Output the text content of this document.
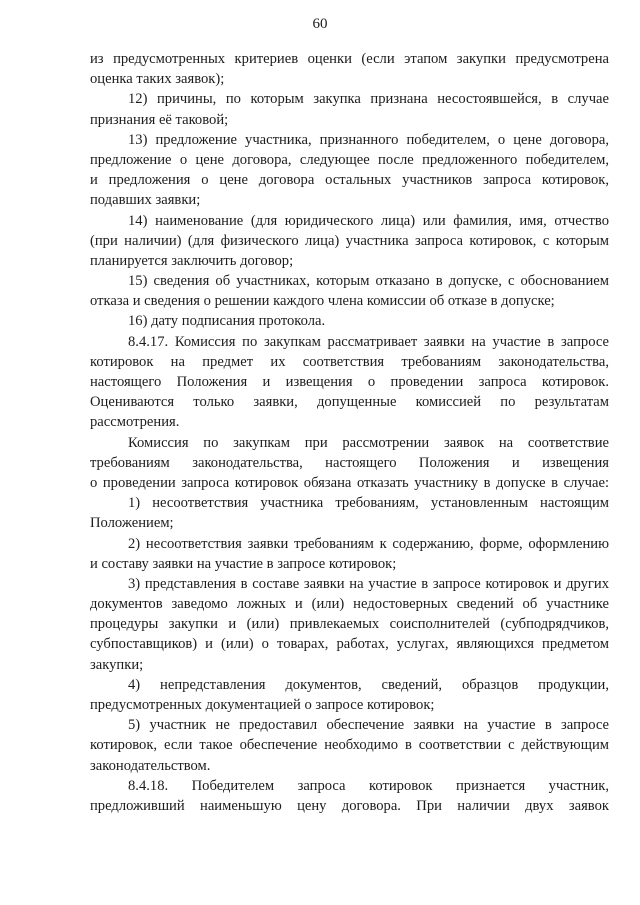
60
из предусмотренных критериев оценки (если этапом закупки предусмотрена
оценка таких заявок);
12) причины, по которым закупка признана несостоявшейся, в случае
признания её таковой;
13) предложение участника, признанного победителем, о цене договора,
предложение о цене договора, следующее после предложенного победителем,
и предложения о цене договора остальных участников запроса котировок,
подавших заявки;
14) наименование (для юридического лица) или фамилия, имя, отчество
(при наличии) (для физического лица) участника запроса котировок, с которым
планируется заключить договор;
15) сведения об участниках, которым отказано в допуске, с обоснованием
отказа и сведения о решении каждого члена комиссии об отказе в допуске;
16) дату подписания протокола.
8.4.17. Комиссия по закупкам рассматривает заявки на участие в запросе
котировок на предмет их соответствия требованиям законодательства,
настоящего Положения и извещения о проведении запроса котировок.
Оцениваются только заявки, допущенные комиссией по результатам
рассмотрения.
Комиссия по закупкам при рассмотрении заявок на соответствие
требованиям законодательства, настоящего Положения и извещения
о проведении запроса котировок обязана отказать участнику в допуске в случае:
1) несоответствия участника требованиям, установленным настоящим
Положением;
2) несоответствия заявки требованиям к содержанию, форме, оформлению
и составу заявки на участие в запросе котировок;
3) представления в составе заявки на участие в запросе котировок и других
документов заведомо ложных и (или) недостоверных сведений об участнике
процедуры закупки и (или) привлекаемых соисполнителей (субподрядчиков,
субпоставщиков) и (или) о товарах, работах, услугах, являющихся предметом
закупки;
4) непредставления документов, сведений, образцов продукции,
предусмотренных документацией о запросе котировок;
5) участник не предоставил обеспечение заявки на участие в запросе
котировок, если такое обеспечение необходимо в соответствии с действующим
законодательством.
8.4.18. Победителем запроса котировок признается участник,
предложивший наименьшую цену договора. При наличии двух заявок
